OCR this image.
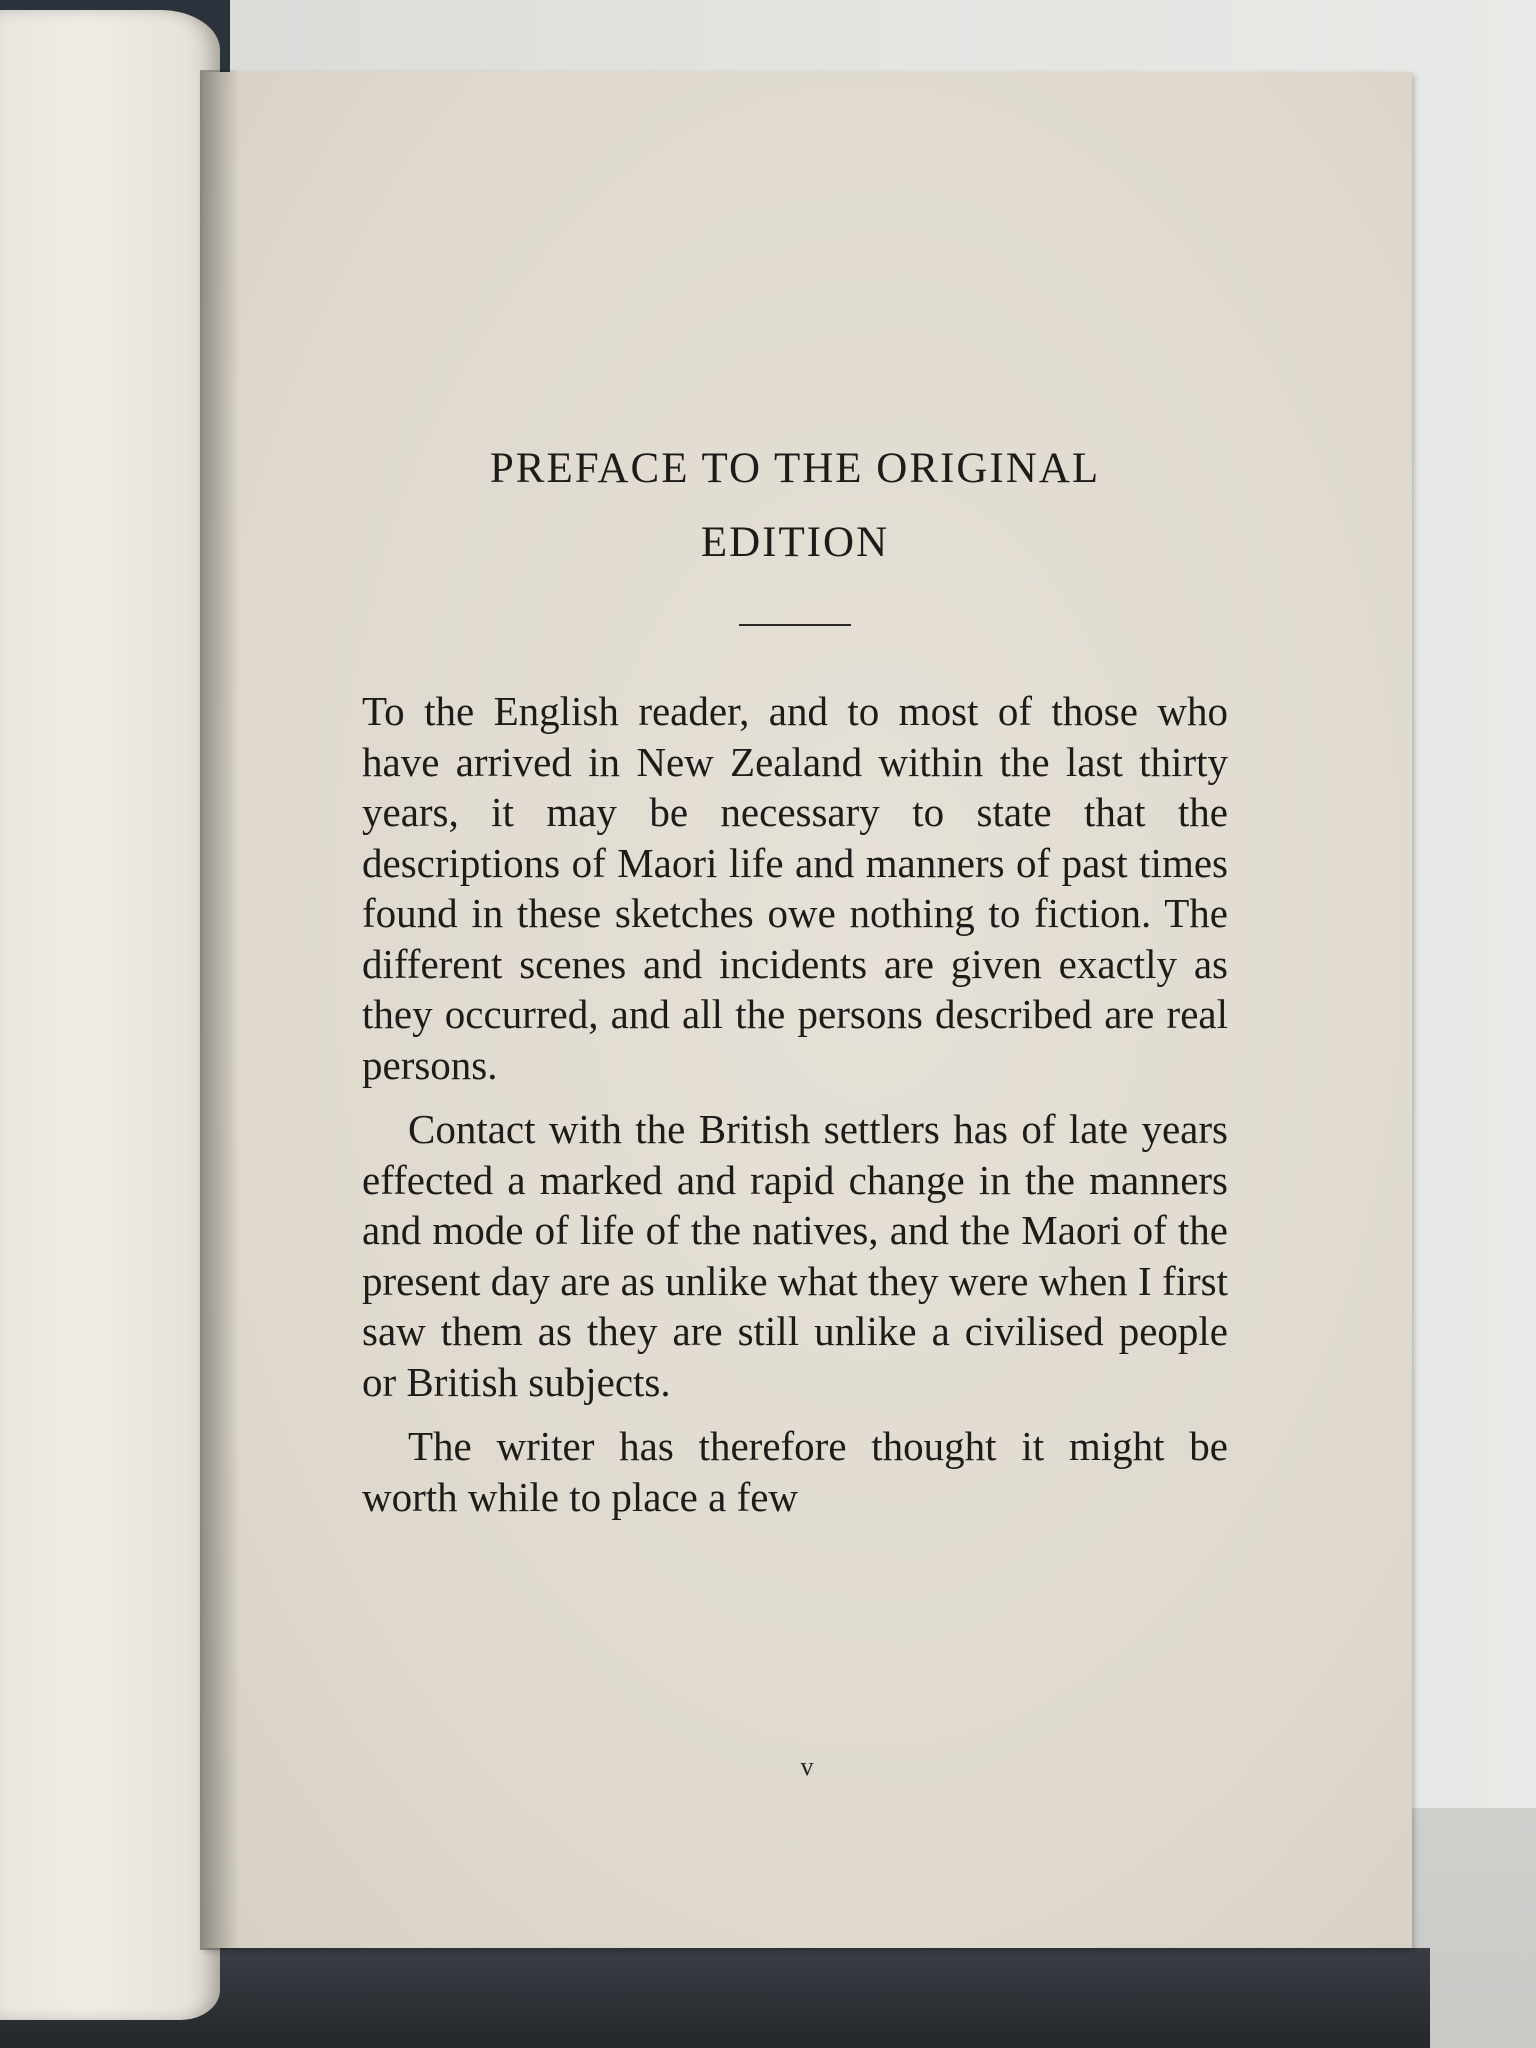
PREFACE TO THE ORIGINAL
EDITION

To the English reader, and to most of those who have arrived in New Zealand within the last thirty years, it may be necessary to state that the descriptions of Maori life and manners of past times found in these sketches owe nothing to fiction. The different scenes and incidents are given exactly as they occurred, and all the persons described are real persons.

Contact with the British settlers has of late years effected a marked and rapid change in the manners and mode of life of the natives, and the Maori of the present day are as unlike what they were when I first saw them as they are still unlike a civilised people or British subjects.

The writer has therefore thought it might be worth while to place a few

v
